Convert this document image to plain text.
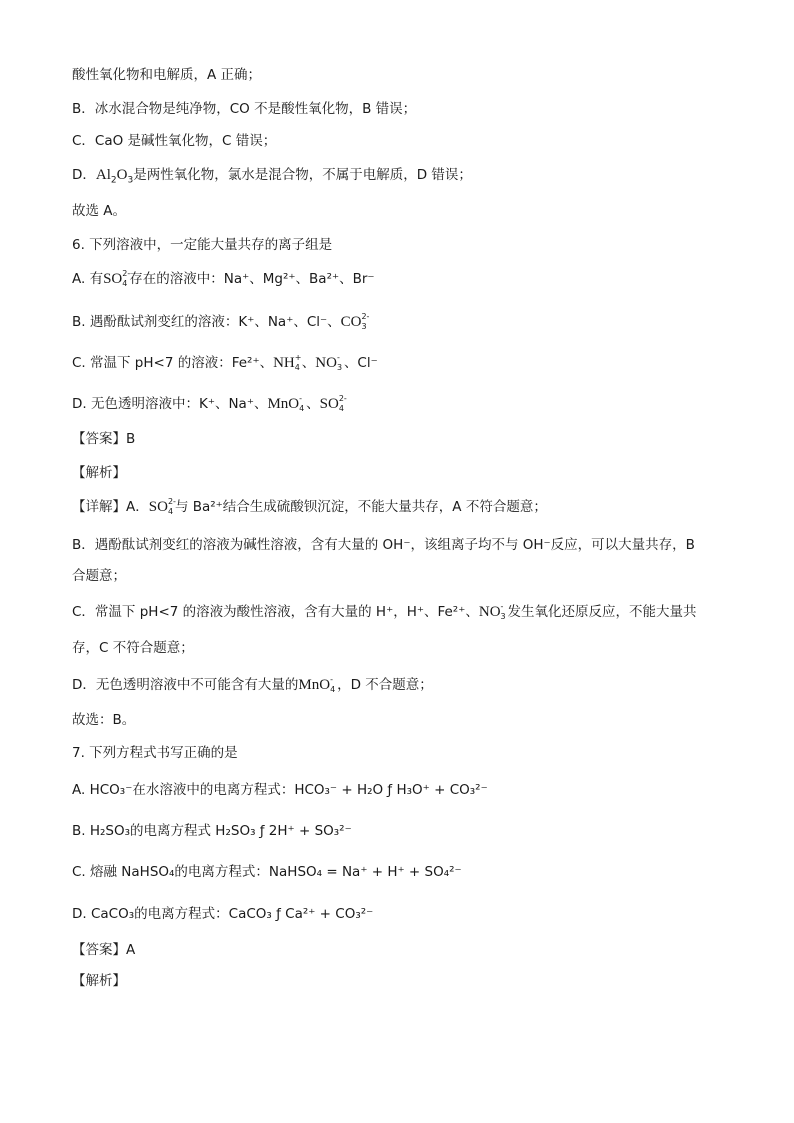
酸性氧化物和电解质，A 正确；
B．冰水混合物是纯净物，CO 不是酸性氧化物，B 错误；
C．CaO 是碱性氧化物，C 错误；
D．$Al_2O_3$是两性氧化物，氯水是混合物，不属于电解质，D 错误；
故选 A。
6. 下列溶液中，一定能大量共存的离子组是
A. 有SO 2-
4 存在的溶液中：Na⁺、Mg²⁺、Ba²⁺、Br⁻
B. 遇酚酞试剂变红的溶液：K⁺、Na⁺、Cl⁻、CO 2-
3
C. 常温下 pH<7 的溶液：Fe²⁺、NH +
4 、NO -
3 、Cl⁻
D. 无色透明溶液中：K⁺、Na⁺、MnO -
4 、SO 2-
4
【答案】B
【解析】
【详解】A．SO 2-
4 与 Ba²⁺结合生成硫酸钡沉淀，不能大量共存，A 不符合题意；
B．遇酚酞试剂变红的溶液为碱性溶液，含有大量的 OH⁻，该组离子均不与 OH⁻反应，可以大量共存，B
合题意；
C．常温下 pH<7 的溶液为酸性溶液，含有大量的 H⁺，H⁺、Fe²⁺、NO -
3 发生氧化还原反应，不能大量共
存，C 不符合题意；
D．无色透明溶液中不可能含有大量的MnO -
4 ，D 不合题意；
故选：B。
7. 下列方程式书写正确的是
A. HCO₃⁻在水溶液中的电离方程式：HCO₃⁻ + H₂O ƒ H₃O⁺ + CO₃²⁻
B. H₂SO₃的电离方程式 H₂SO₃ ƒ 2H⁺ + SO₃²⁻
C. 熔融 NaHSO₄的电离方程式：NaHSO₄ = Na⁺ + H⁺ + SO₄²⁻
D. CaCO₃的电离方程式：CaCO₃ ƒ Ca²⁺ + CO₃²⁻
【答案】A
【解析】
